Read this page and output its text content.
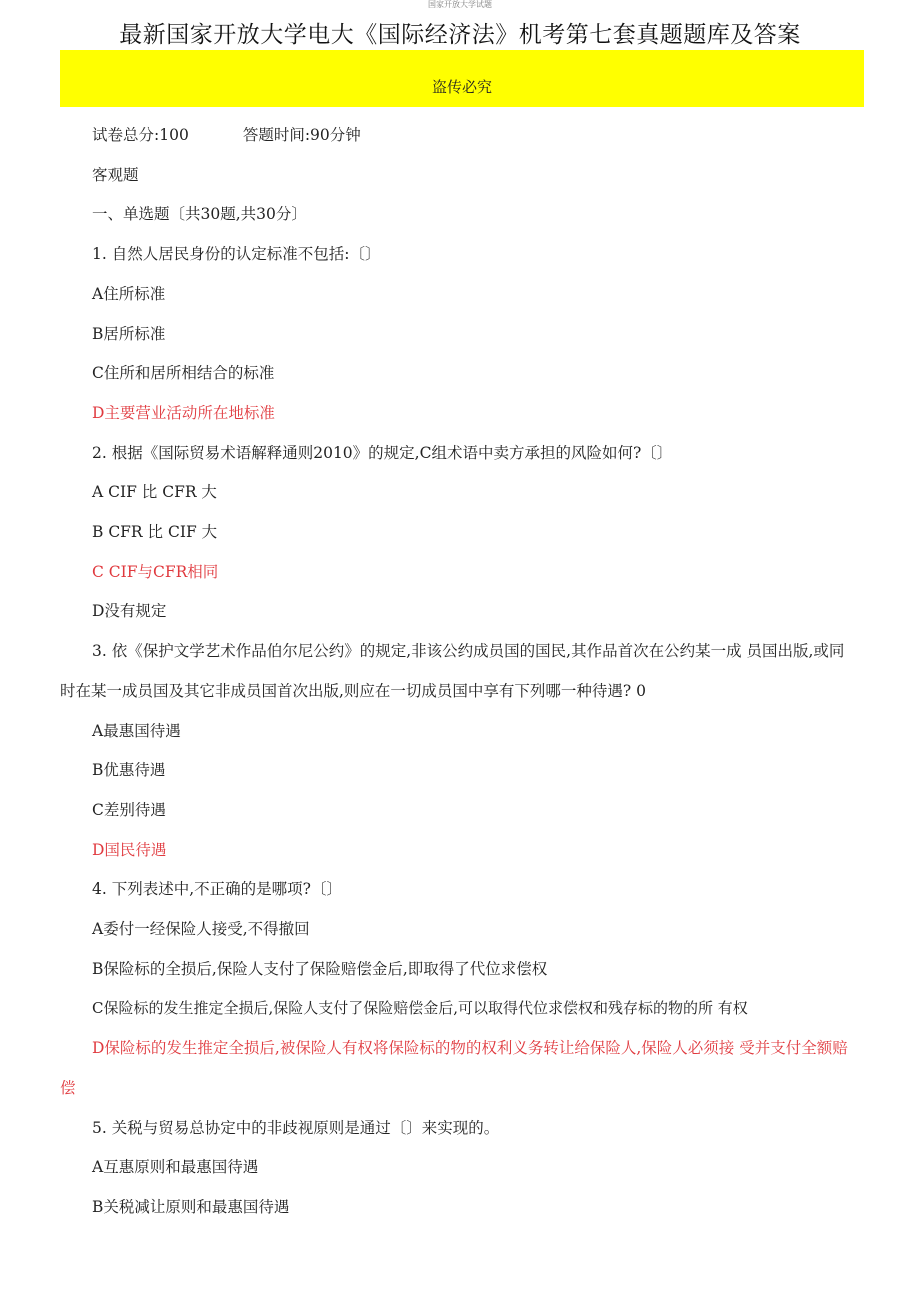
国家开放大学试题
最新国家开放大学电大《国际经济法》机考第七套真题题库及答案
盗传必究
试卷总分:100	答题时间:90分钟
客观题
一、单选题〔共30题,共30分〕
1. 自然人居民身份的认定标准不包括:〔〕
A住所标准
B居所标准
C住所和居所相结合的标准
D主要营业活动所在地标准
2. 根据《国际贸易术语解释通则2010》的规定,C组术语中卖方承担的风险如何?〔〕
A CIF 比 CFR 大
B CFR 比 CIF 大
C CIF与CFR相同
D没有规定
3. 依《保护文学艺术作品伯尔尼公约》的规定,非该公约成员国的国民,其作品首次在公约某一成 员国出版,或同时在某一成员国及其它非成员国首次出版,则应在一切成员国中享有下列哪一种待遇? 0
A最惠国待遇
B优惠待遇
C差别待遇
D国民待遇
4. 下列表述中,不正确的是哪项?〔〕
A委付一经保险人接受,不得撤回
B保险标的全损后,保险人支付了保险赔偿金后,即取得了代位求偿权
C保险标的发生推定全损后,保险人支付了保险赔偿金后,可以取得代位求偿权和残存标的物的所 有权
D保险标的发生推定全损后,被保险人有权将保险标的物的权利义务转让给保险人,保险人必须接 受并支付全额赔偿
5. 关税与贸易总协定中的非歧视原则是通过〔〕来实现的。
A互惠原则和最惠国待遇
B关税减让原则和最惠国待遇
